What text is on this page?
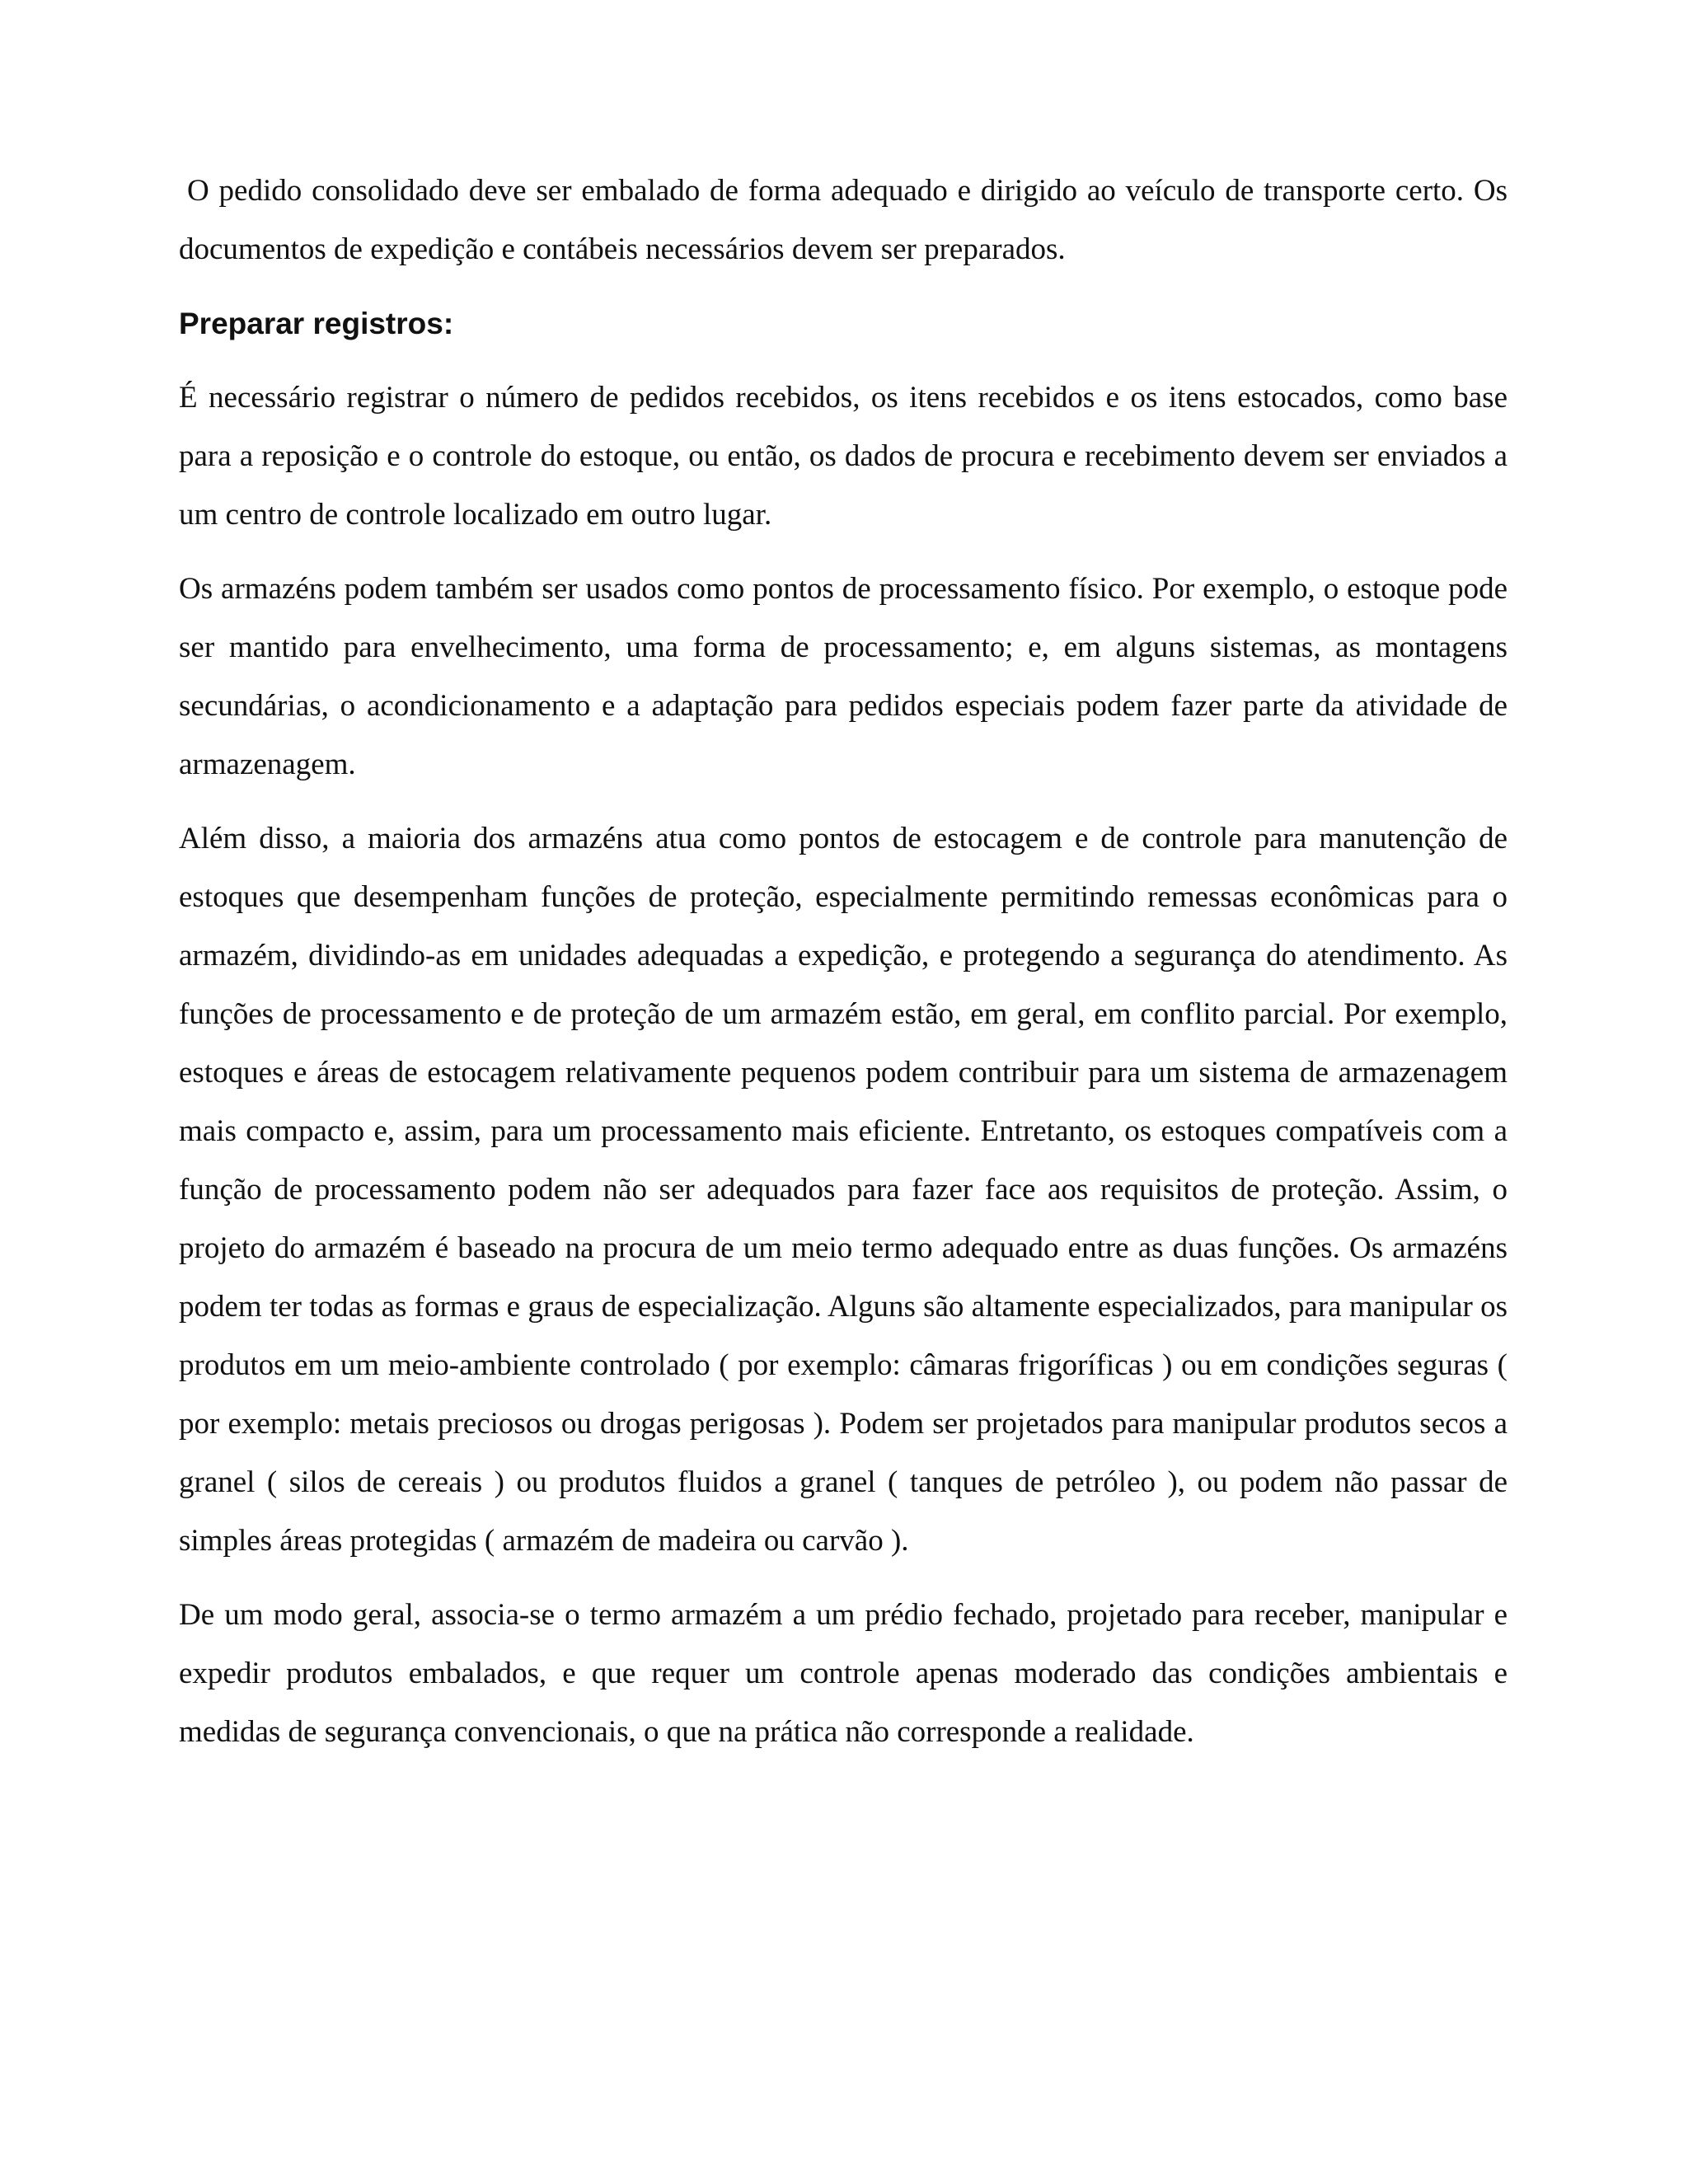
O pedido consolidado deve ser embalado de forma adequado e dirigido ao veículo de transporte certo. Os documentos de expedição e contábeis necessários devem ser preparados.

Preparar registros:

É necessário registrar o número de pedidos recebidos, os itens recebidos e os itens estocados, como base para a reposição e o controle do estoque, ou então, os dados de procura e recebimento devem ser enviados a um centro de controle localizado em outro lugar.

Os armazéns podem também ser usados como pontos de processamento físico. Por exemplo, o estoque pode ser mantido para envelhecimento, uma forma de processamento; e, em alguns sistemas, as montagens secundárias, o acondicionamento e a adaptação para pedidos especiais podem fazer parte da atividade de armazenagem.

Além disso, a maioria dos armazéns atua como pontos de estocagem e de controle para manutenção de estoques que desempenham funções de proteção, especialmente permitindo remessas econômicas para o armazém, dividindo-as em unidades adequadas a expedição, e protegendo a segurança do atendimento. As funções de processamento e de proteção de um armazém estão, em geral, em conflito parcial. Por exemplo, estoques e áreas de estocagem relativamente pequenos podem contribuir para um sistema de armazenagem mais compacto e, assim, para um processamento mais eficiente. Entretanto, os estoques compatíveis com a função de processamento podem não ser adequados para fazer face aos requisitos de proteção. Assim, o projeto do armazém é baseado na procura de um meio termo adequado entre as duas funções. Os armazéns podem ter todas as formas e graus de especialização. Alguns são altamente especializados, para manipular os produtos em um meio-ambiente controlado ( por exemplo: câmaras frigoríficas ) ou em condições seguras ( por exemplo: metais preciosos ou drogas perigosas ). Podem ser projetados para manipular produtos secos a granel ( silos de cereais ) ou produtos fluidos a granel ( tanques de petróleo ), ou podem não passar de simples áreas protegidas ( armazém de madeira ou carvão ).

De um modo geral, associa-se o termo armazém a um prédio fechado, projetado para receber, manipular e expedir produtos embalados, e que requer um controle apenas moderado das condições ambientais e medidas de segurança convencionais, o que na prática não corresponde a realidade.
